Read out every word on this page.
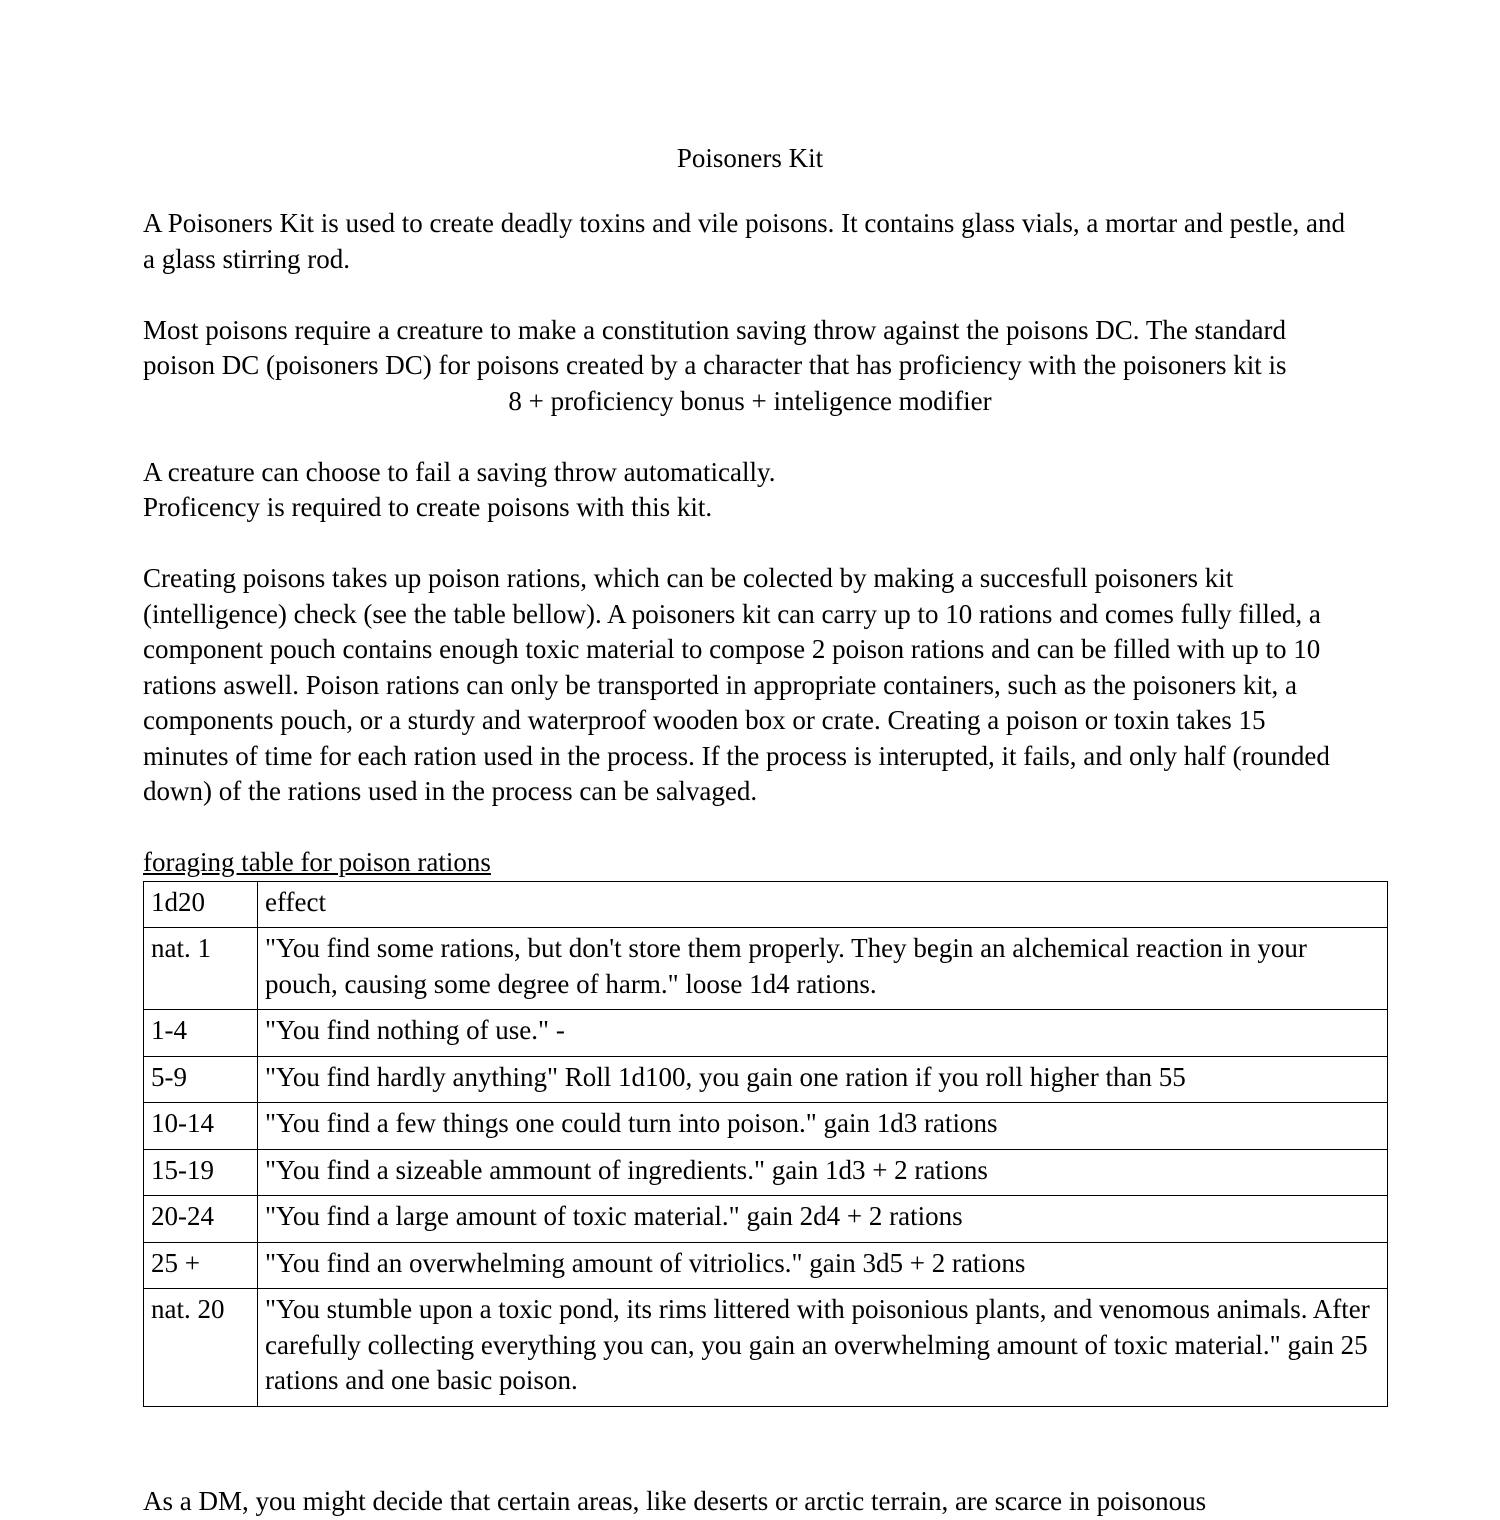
Poisoners Kit

A Poisoners Kit is used to create deadly toxins and vile poisons. It contains glass vials, a mortar and pestle, and a glass stirring rod.

Most poisons require a creature to make a constitution saving throw against the poisons DC. The standard poison DC (poisoners DC) for poisons created by a character that has proficiency with the poisoners kit is

8 + proficiency bonus + inteligence modifier

A creature can choose to fail a saving throw automatically.

Proficency is required to create poisons with this kit.

Creating poisons takes up poison rations, which can be colected by making a succesfull poisoners kit (intelligence) check (see the table bellow). A poisoners kit can carry up to 10 rations and comes fully filled, a component pouch contains enough toxic material to compose 2 poison rations and can be filled with up to 10 rations aswell. Poison rations can only be transported in appropriate containers, such as the poisoners kit, a components pouch, or a sturdy and waterproof wooden box or crate. Creating a poison or toxin takes 15 minutes of time for each ration used in the process. If the process is interupted, it fails, and only half (rounded down) of the rations used in the process can be salvaged.

foraging table for poison rations
1d20	effect
nat. 1	"You find some rations, but don't store them properly. They begin an alchemical reaction in your pouch, causing some degree of harm." loose 1d4 rations.
1-4	"You find nothing of use." -
5-9	"You find hardly anything" Roll 1d100, you gain one ration if you roll higher than 55
10-14	"You find a few things one could turn into poison." gain 1d3 rations
15-19	"You find a sizeable ammount of ingredients." gain 1d3 + 2 rations
20-24	"You find a large amount of toxic material." gain 2d4 + 2 rations
25 +	"You find an overwhelming amount of vitriolics." gain 3d5 + 2 rations
nat. 20	"You stumble upon a toxic pond, its rims littered with poisonious plants, and venomous animals. After carefully collecting everything you can, you gain an overwhelming amount of toxic material." gain 25 rations and one basic poison.
As a DM, you might decide that certain areas, like deserts or arctic terrain, are scarce in poisonous
